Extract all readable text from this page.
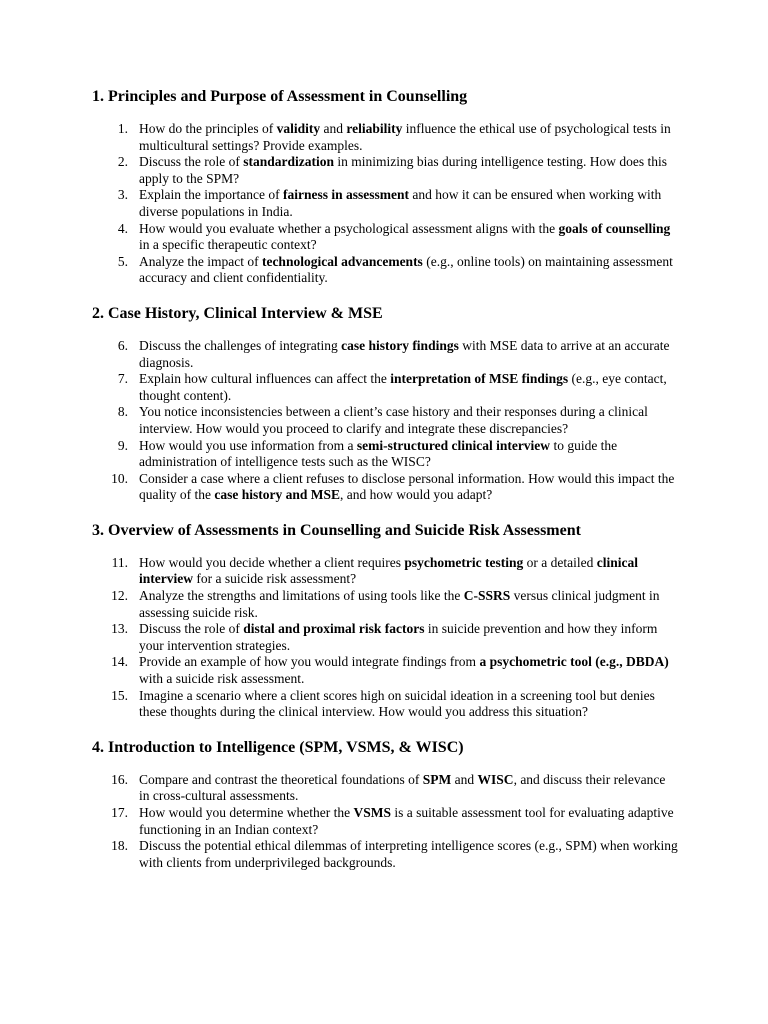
1. Principles and Purpose of Assessment in Counselling
1. How do the principles of validity and reliability influence the ethical use of psychological tests in multicultural settings? Provide examples.
2. Discuss the role of standardization in minimizing bias during intelligence testing. How does this apply to the SPM?
3. Explain the importance of fairness in assessment and how it can be ensured when working with diverse populations in India.
4. How would you evaluate whether a psychological assessment aligns with the goals of counselling in a specific therapeutic context?
5. Analyze the impact of technological advancements (e.g., online tools) on maintaining assessment accuracy and client confidentiality.
2. Case History, Clinical Interview & MSE
6. Discuss the challenges of integrating case history findings with MSE data to arrive at an accurate diagnosis.
7. Explain how cultural influences can affect the interpretation of MSE findings (e.g., eye contact, thought content).
8. You notice inconsistencies between a client’s case history and their responses during a clinical interview. How would you proceed to clarify and integrate these discrepancies?
9. How would you use information from a semi-structured clinical interview to guide the administration of intelligence tests such as the WISC?
10. Consider a case where a client refuses to disclose personal information. How would this impact the quality of the case history and MSE, and how would you adapt?
3. Overview of Assessments in Counselling and Suicide Risk Assessment
11. How would you decide whether a client requires psychometric testing or a detailed clinical interview for a suicide risk assessment?
12. Analyze the strengths and limitations of using tools like the C-SSRS versus clinical judgment in assessing suicide risk.
13. Discuss the role of distal and proximal risk factors in suicide prevention and how they inform your intervention strategies.
14. Provide an example of how you would integrate findings from a psychometric tool (e.g., DBDA) with a suicide risk assessment.
15. Imagine a scenario where a client scores high on suicidal ideation in a screening tool but denies these thoughts during the clinical interview. How would you address this situation?
4. Introduction to Intelligence (SPM, VSMS, & WISC)
16. Compare and contrast the theoretical foundations of SPM and WISC, and discuss their relevance in cross-cultural assessments.
17. How would you determine whether the VSMS is a suitable assessment tool for evaluating adaptive functioning in an Indian context?
18. Discuss the potential ethical dilemmas of interpreting intelligence scores (e.g., SPM) when working with clients from underprivileged backgrounds.
